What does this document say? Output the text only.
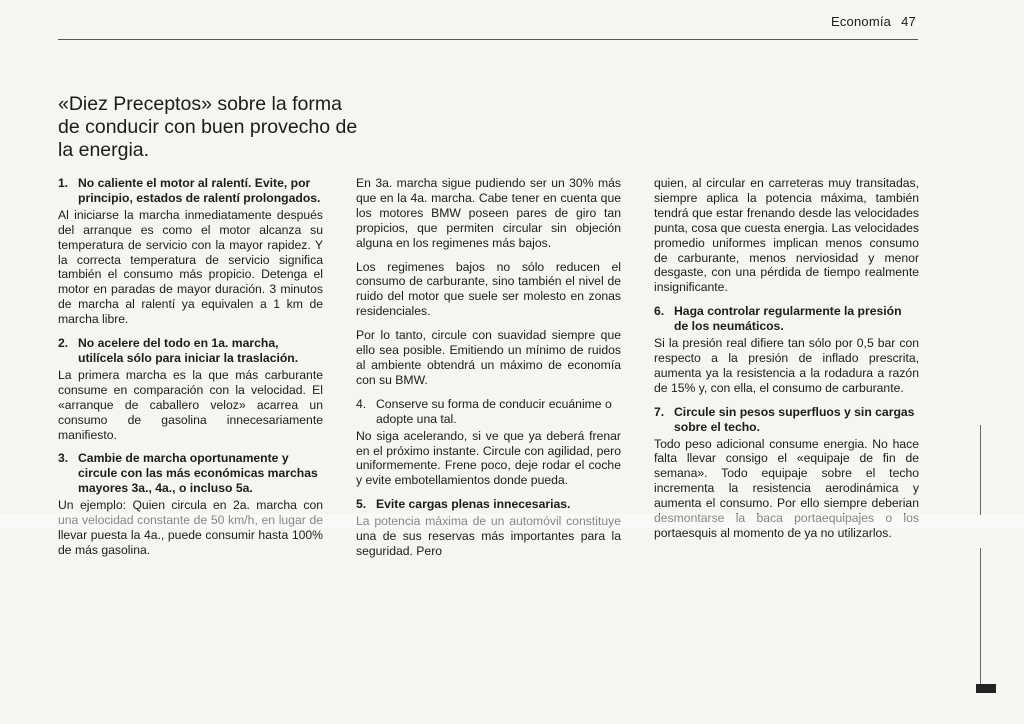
Economía 47
«Diez Preceptos» sobre la forma de conducir con buen provecho de la energia.
1. No caliente el motor al ralentí. Evite, por principio, estados de ralentí prolongados.

Al iniciarse la marcha inmediatamente después del arranque es como el motor alcanza su temperatura de servicio con la mayor rapidez. Y la correcta temperatura de servicio significa también el consumo más propicio. Detenga el motor en paradas de mayor duración. 3 minutos de marcha al ralentí ya equivalen a 1 km de marcha libre.

2. No acelere del todo en 1a. marcha, utilícela sólo para iniciar la traslación.

La primera marcha es la que más carburante consume en comparación con la velocidad. El «arranque de caballero veloz» acarrea un consumo de gasolina innecesariamente manifiesto.

3. Cambie de marcha oportunamente y circule con las más económicas marchas mayores 3a., 4a., o incluso 5a.

Un ejemplo: Quien circula en 2a. marcha con una velocidad constante de 50 km/h, en lugar de llevar puesta la 4a., puede consumir hasta 100% de más gasolina.

En 3a. marcha sigue pudiendo ser un 30% más que en la 4a. marcha. Cabe tener en cuenta que los motores BMW poseen pares de giro tan propicios, que permiten circular sin objeción alguna en los regimenes más bajos.

Los regimenes bajos no sólo reducen el consumo de carburante, sino también el nivel de ruido del motor que suele ser molesto en zonas residenciales.

Por lo tanto, circule con suavidad siempre que ello sea posible. Emitiendo un mínimo de ruidos al ambiente obtendrá un máximo de economía con su BMW.

4. Conserve su forma de conducir ecuánime o adopte una tal.

No siga acelerando, si ve que ya deberá frenar en el próximo instante. Circule con agilidad, pero uniformemente. Frene poco, deje rodar el coche y evite embotellamientos donde pueda.

5. Evite cargas plenas innecesarias.

La potencia máxima de un automóvil constituye una de sus reservas más importantes para la seguridad. Pero

quien, al circular en carreteras muy transitadas, siempre aplica la potencia máxima, también tendrá que estar frenando desde las velocidades punta, cosa que cuesta energia. Las velocidades promedio uniformes implican menos consumo de carburante, menos nerviosidad y menor desgaste, con una pérdida de tiempo realmente insignificante.

6. Haga controlar regularmente la presión de los neumáticos.

Si la presión real difiere tan sólo por 0,5 bar con respecto a la presión de inflado prescrita, aumenta ya la resistencia a la rodadura a razón de 15% y, con ella, el consumo de carburante.

7. Circule sin pesos superfluos y sin cargas sobre el techo.

Todo peso adicional consume energia. No hace falta llevar consigo el «equipaje de fin de semana». Todo equipaje sobre el techo incrementa la resistencia aerodinámica y aumenta el consumo. Por ello siempre deberian desmontarse la baca portaequipajes o los portaesquis al momento de ya no utilizarlos.
